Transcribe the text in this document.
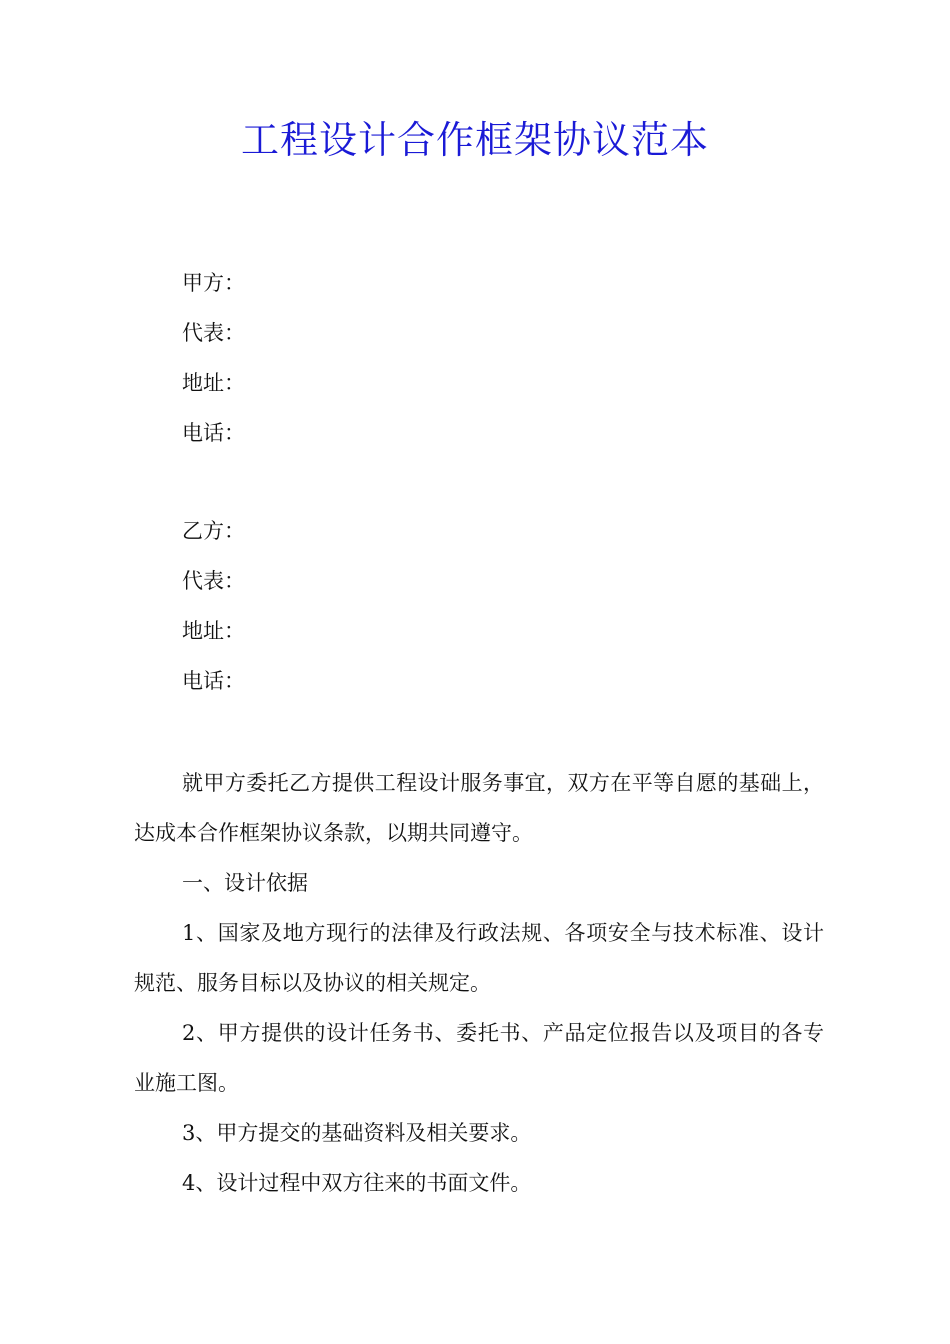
工程设计合作框架协议范本
甲方：
代表：
地址：
电话：
乙方：
代表：
地址：
电话：

就甲方委托乙方提供工程设计服务事宜，双方在平等自愿的基础上，达成本合作框架协议条款，以期共同遵守。

一、设计依据

1、国家及地方现行的法律及行政法规、各项安全与技术标准、设计规范、服务目标以及协议的相关规定。

2、甲方提供的设计任务书、委托书、产品定位报告以及项目的各专业施工图。

3、甲方提交的基础资料及相关要求。

4、设计过程中双方往来的书面文件。
